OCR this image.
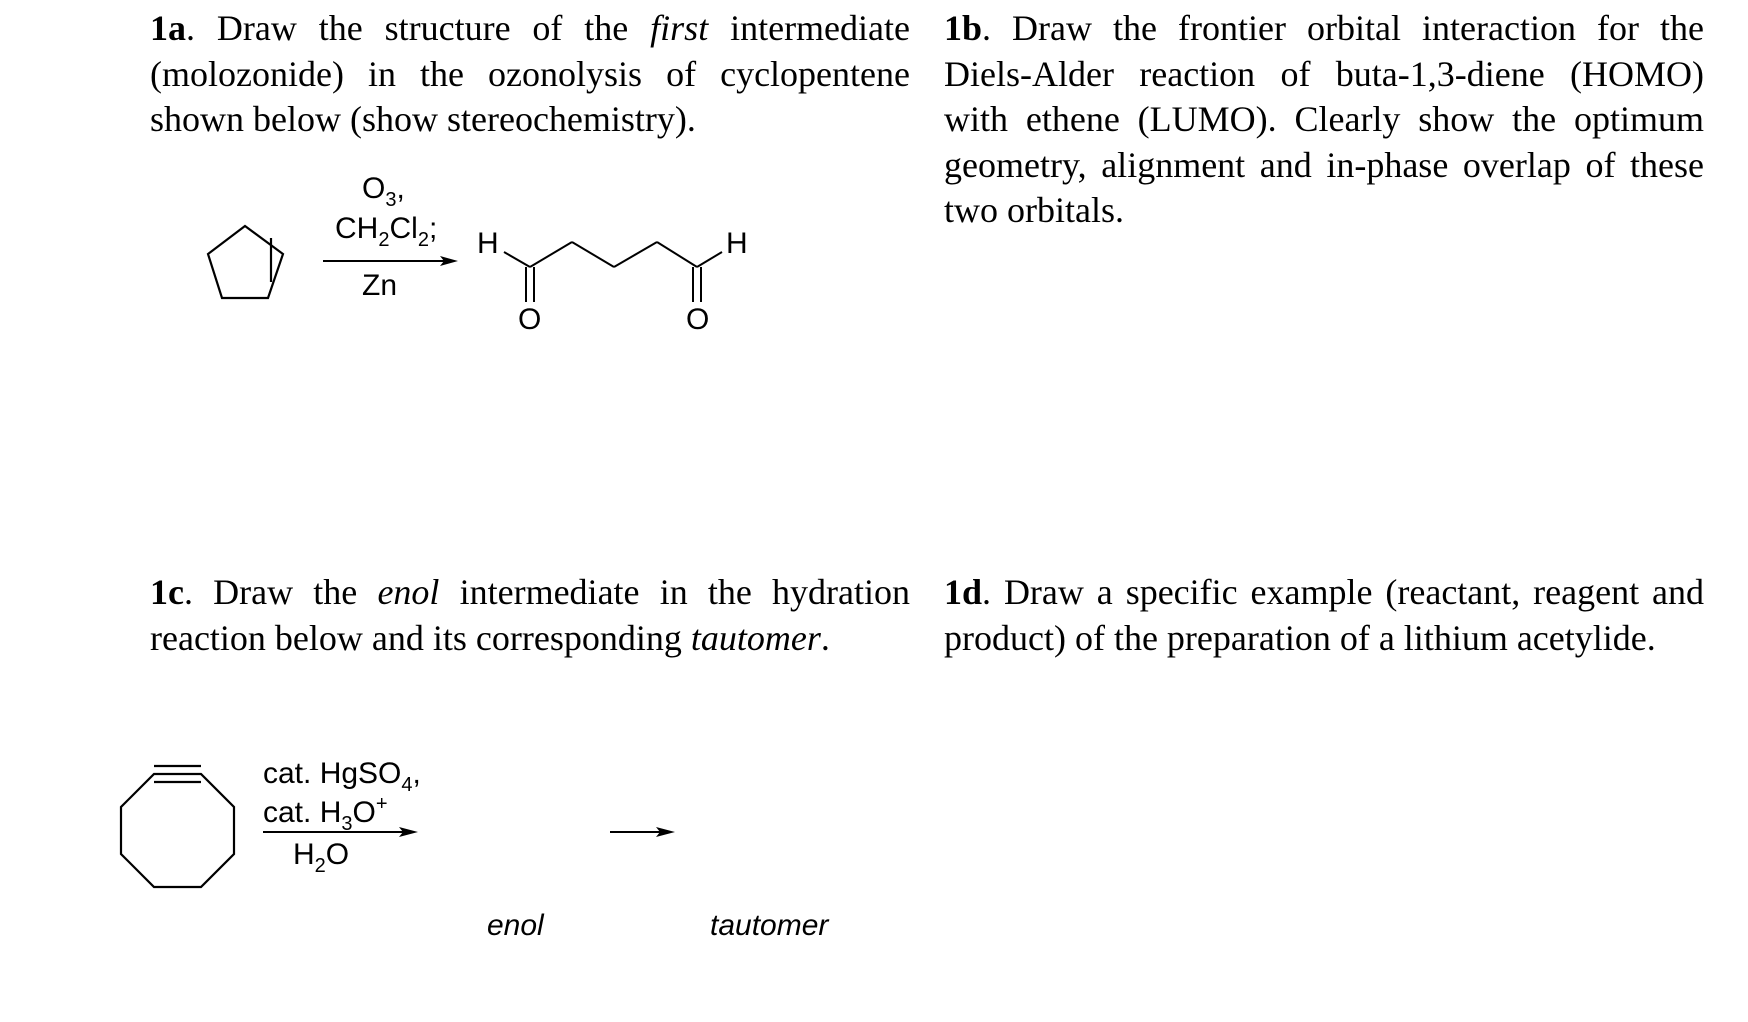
1a. Draw the structure of the first intermediate (molozonide) in the ozonolysis of cyclopentene shown below (show stereochemistry).
1b. Draw the frontier orbital interaction for the Diels-Alder reaction of buta-1,3-diene (HOMO) with ethene (LUMO). Clearly show the optimum geometry, alignment and in-phase overlap of these two orbitals.
1c. Draw the enol intermediate in the hydration reaction below and its corresponding tautomer.
1d. Draw a specific example (reactant, reagent and product) of the preparation of a lithium acetylide.
$O_3$,
$CH_2Cl_2$;
Zn
H	H
O	O
cat. HgSO$_4$,
cat. $H_3O^+$
$H_2O$
enol	tautomer
